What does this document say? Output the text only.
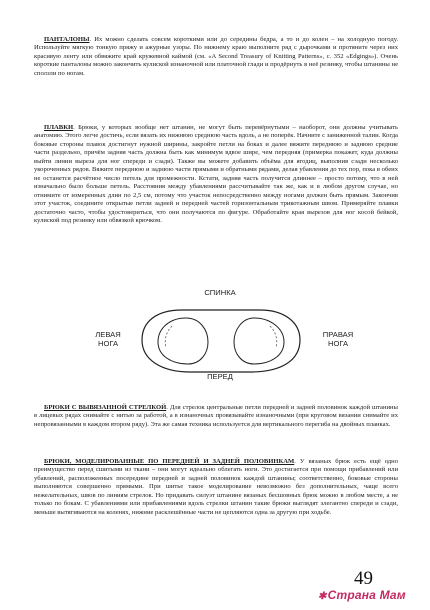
ПАНТАЛОНЫ. Их можно сделать совсем короткими или до середины бедра, а то и до колен – на холодную погоду. Используйте мягкую тонкую пряжу и ажурные узоры. По нижнему краю выполните ряд с дырочками и протяните через них красивую ленту или обвяжите край кружевной каймой (см. «A Second Treasury of Knitting Patterns», с. 352 «Edgings»). Очень короткие панталоны можно закончить кулиской изнаночной или платочной глади и продёрнуть в неё резинку, чтобы штанины не сползли по ногам.

ПЛАВКИ. Брюки, у которых вообще нет штанин, не могут быть перевёрнутыми – наоборот, они должны учитывать анатомию. Этого легче достичь, если вязать их нижнюю среднюю часть вдоль, а не поперёк. Начните с заниженной талии. Когда боковые стороны плавок достигнут нужной ширины, закройте петли на боках и далее вяжите переднюю и заднюю средние части раздельно, причём задняя часть должна быть как минимум вдвое шире, чем передняя (примерка покажет, куда должны выйти линии выреза для ног спереди и сзади). Также вы можете добавить объёма для ягодиц, выполнив сзади несколько укороченных рядов. Вяжите переднюю и заднюю части прямыми и обратными рядами, делая убавления до тех пор, пока в обеих не останется расчётное число петель для промежности. Кстати, задняя часть получится длиннее – просто потому, что в ней изначально было больше петель. Расстояния между убавлениями рассчитывайте так же, как и в любом другом случае, но отнимите от измеренных длин по 2,5 см, потому что участок непосредственно между ногами должен быть прямым. Закончив этот участок, соедините открытые петли задней и передней частей горизонтальным трикотажным швом. Примеряйте плавки достаточно часто, чтобы удостовериться, что они получаются по фигуре. Обработайте края вырезов для ног косой бейкой, кулиской под резинку или обвязкой крючком.

БРЮКИ С ВЫВЯЗАННОЙ СТРЕЛКОЙ. Для стрелок центральные петли передней и задней половинок каждой штанины в лицевых рядах снимайте с нитью за работой, а в изнаночных провязывайте изнаночными (при круговом вязании снимайте их непровязанными в каждом втором ряду). Эта же самая техника используется для вертикального перегиба на двойных планках.

БРЮКИ, МОДЕЛИРОВАННЫЕ ПО ПЕРЕДНЕЙ И ЗАДНЕЙ ПОЛОВИНКАМ. У вязаных брюк есть ещё одно преимущество перед сшитыми из ткани – они могут идеально облегать ноги. Это достигается при помощи прибавлений или убавлений, расположенных посередине передней и задней половинок каждой штанины; соответственно, боковые стороны выполняются совершенно прямыми. При шитье такое моделирование невозможно без дополнительных, чаще всего нежелательных, швов по линиям стрелок. Но придавать силуэт штанине вязаных бесшовных брюк можно в любом месте, а не только по бокам. С убавлениями или прибавлениями вдоль стрелки штанин такие брюки выглядят элегантно спереди и сзади, меньше вытягиваются на коленях, нижние расклешённые части не цепляются одна за другую при ходьбе.

СПИНКА
ПЕРЕД
ЛЕВАЯ
НОГА
ПРАВАЯ
НОГА
49
✱Страна Мам
